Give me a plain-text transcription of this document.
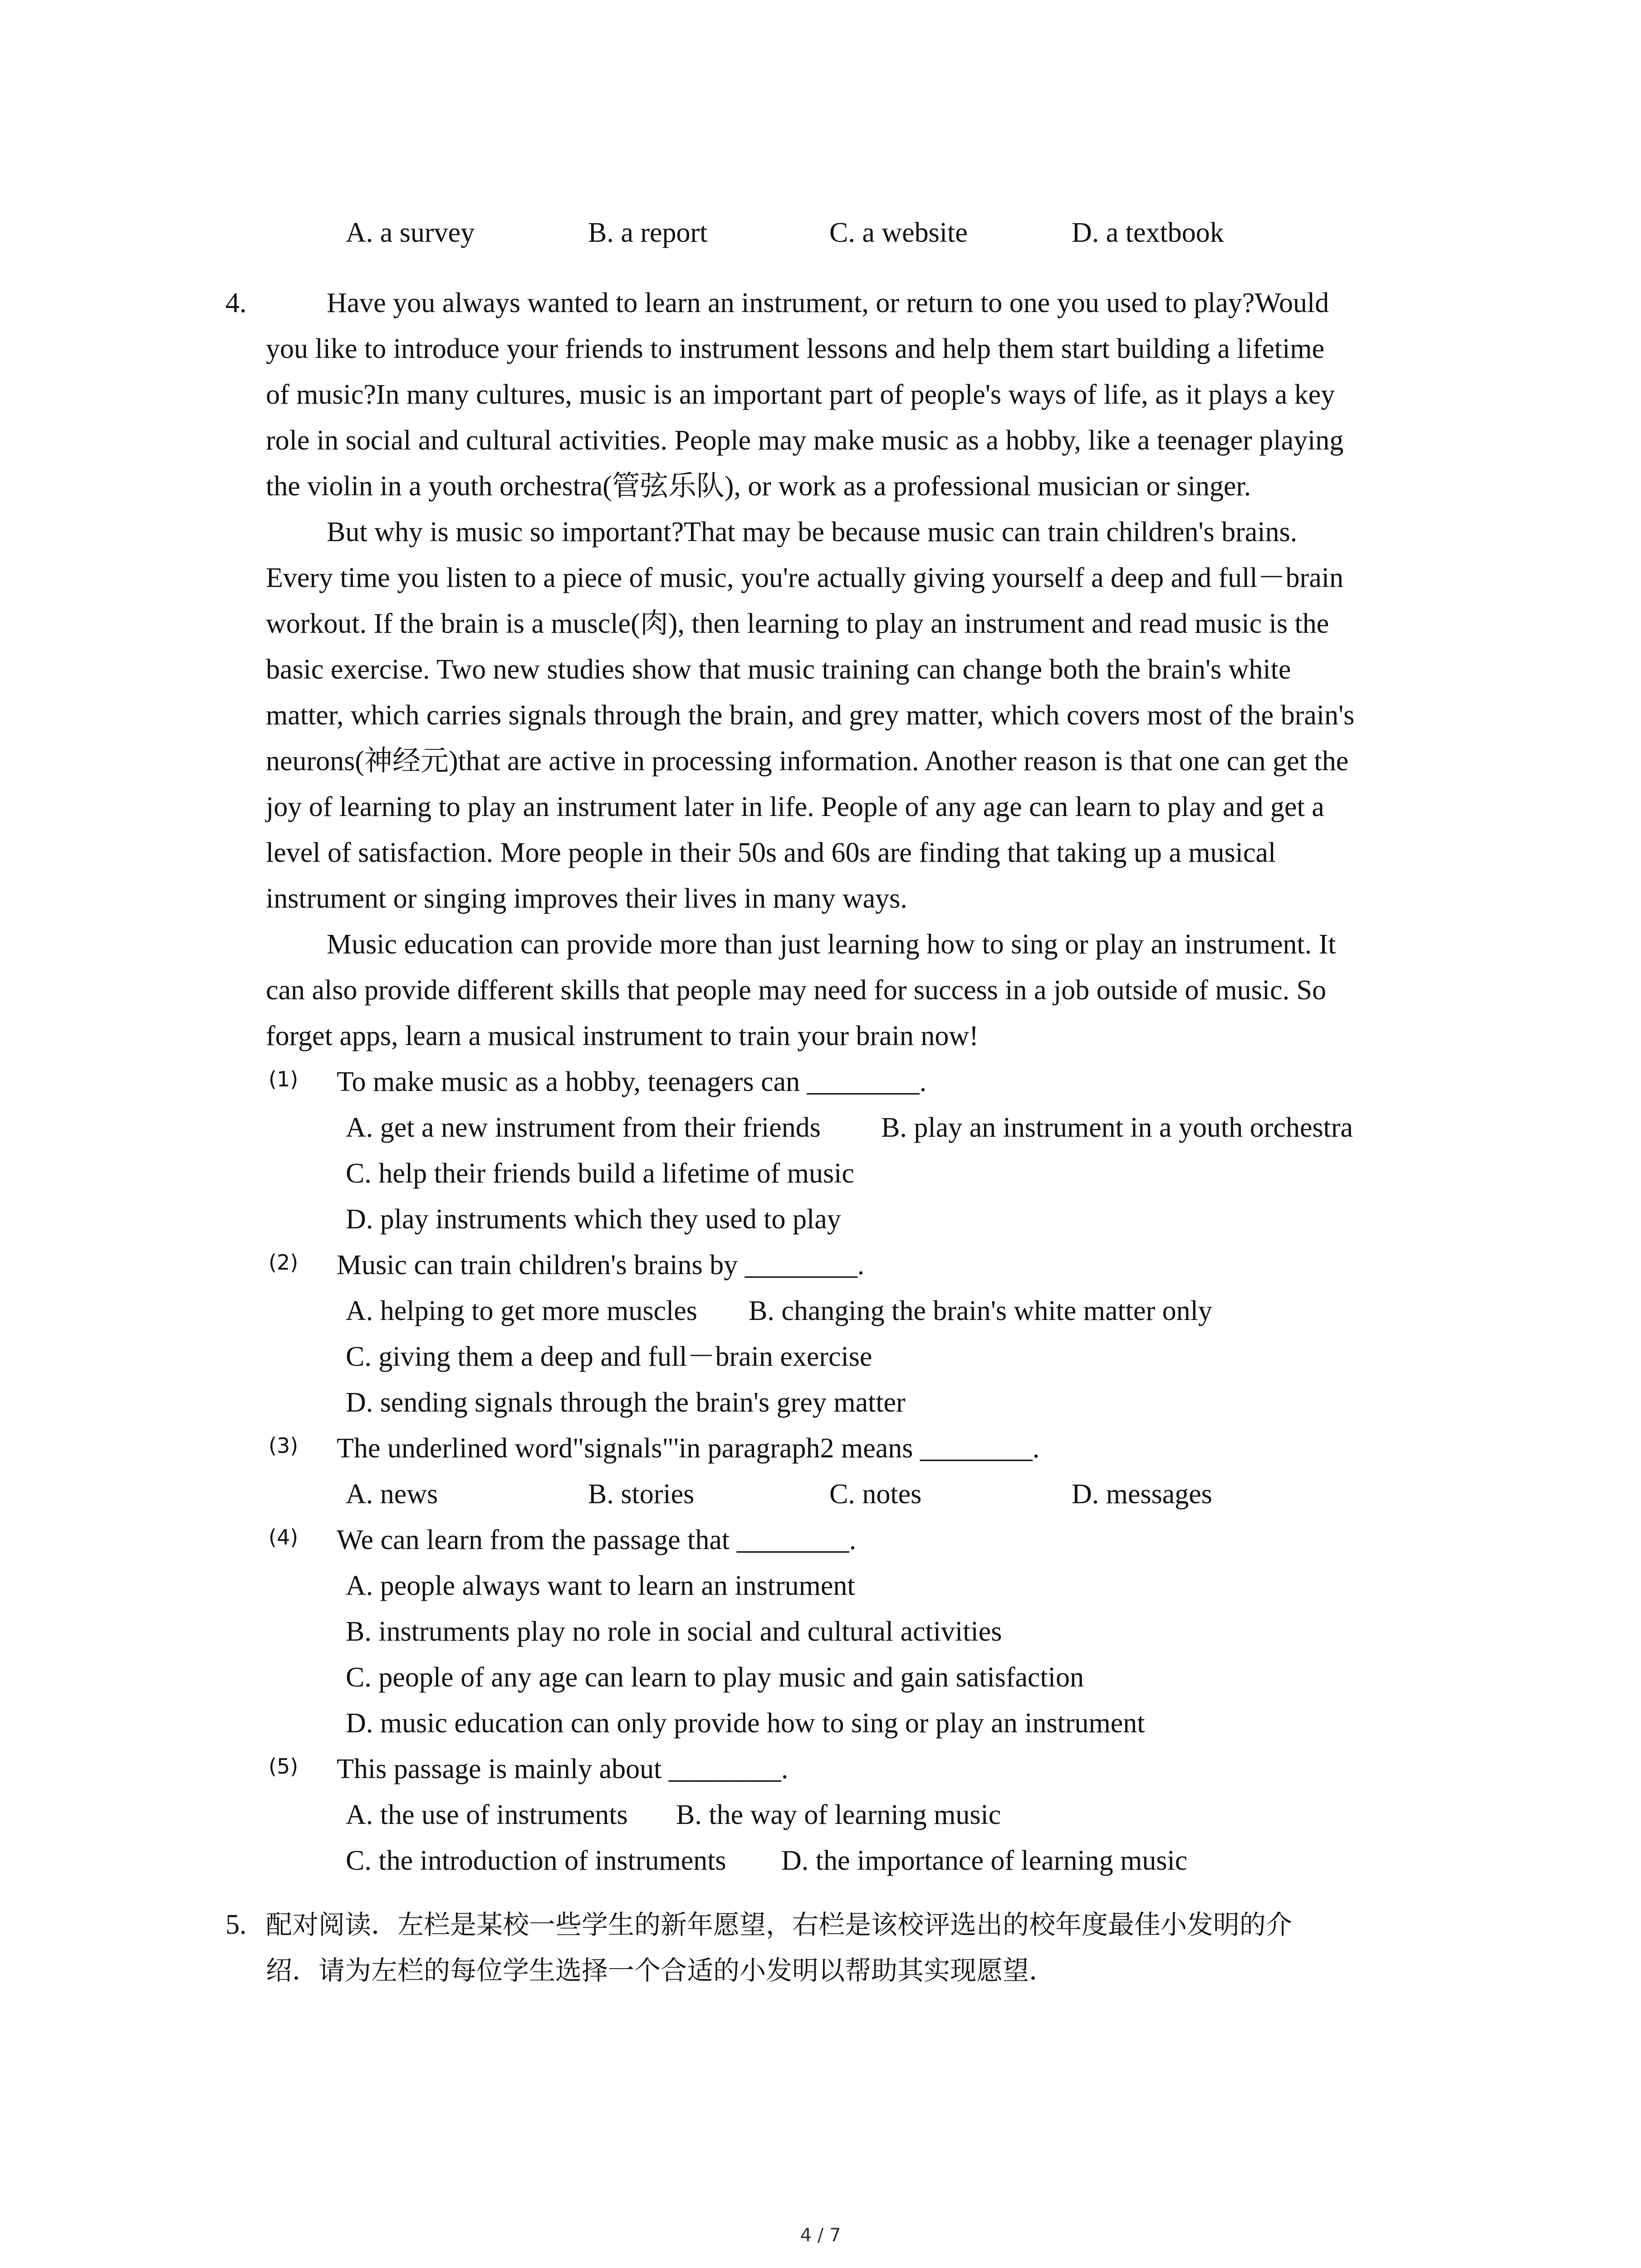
A. a survey	B. a report	C. a website	D. a textbook
4.	Have you always wanted to learn an instrument, or return to one you used to play?Would
you like to introduce your friends to instrument lessons and help them start building a lifetime
of music?In many cultures, music is an important part of people's ways of life, as it plays a key
role in social and cultural activities. People may make music as a hobby, like a teenager playing
the violin in a youth orchestra(管弦乐队), or work as a professional musician or singer.
But why is music so important?That may be because music can train children's brains.
Every time you listen to a piece of music, you're actually giving yourself a deep and full－brain
workout. If the brain is a muscle(肉), then learning to play an instrument and read music is the
basic exercise. Two new studies show that music training can change both the brain's white
matter, which carries signals through the brain, and grey matter, which covers most of the brain's
neurons(神经元)that are active in processing information. Another reason is that one can get the
joy of learning to play an instrument later in life. People of any age can learn to play and get a
level of satisfaction. More people in their 50s and 60s are finding that taking up a musical
instrument or singing improves their lives in many ways.
Music education can provide more than just learning how to sing or play an instrument. It
can also provide different skills that people may need for success in a job outside of music. So
forget apps, learn a musical instrument to train your brain now!
(1) To make music as a hobby, teenagers can ________.
A. get a new instrument from their friends B. play an instrument in a youth orchestra
C. help their friends build a lifetime of music
D. play instruments which they used to play
(2) Music can train children's brains by ________.
A. helping to get more muscles B. changing the brain's white matter only
C. giving them a deep and full－brain exercise
D. sending signals through the brain's grey matter
(3) The underlined word"signals"'in paragraph2 means ________.
A. news	B. stories	C. notes	D. messages
(4) We can learn from the passage that ________.
A. people always want to learn an instrument
B. instruments play no role in social and cultural activities
C. people of any age can learn to play music and gain satisfaction
D. music education can only provide how to sing or play an instrument
(5) This passage is mainly about ________.
A. the use of instruments B. the way of learning music
C. the introduction of instruments D. the importance of learning music
5. 配对阅读．左栏是某校一些学生的新年愿望，右栏是该校评选出的校年度最佳小发明的介
绍．请为左栏的每位学生选择一个合适的小发明以帮助其实现愿望．
4 / 7
